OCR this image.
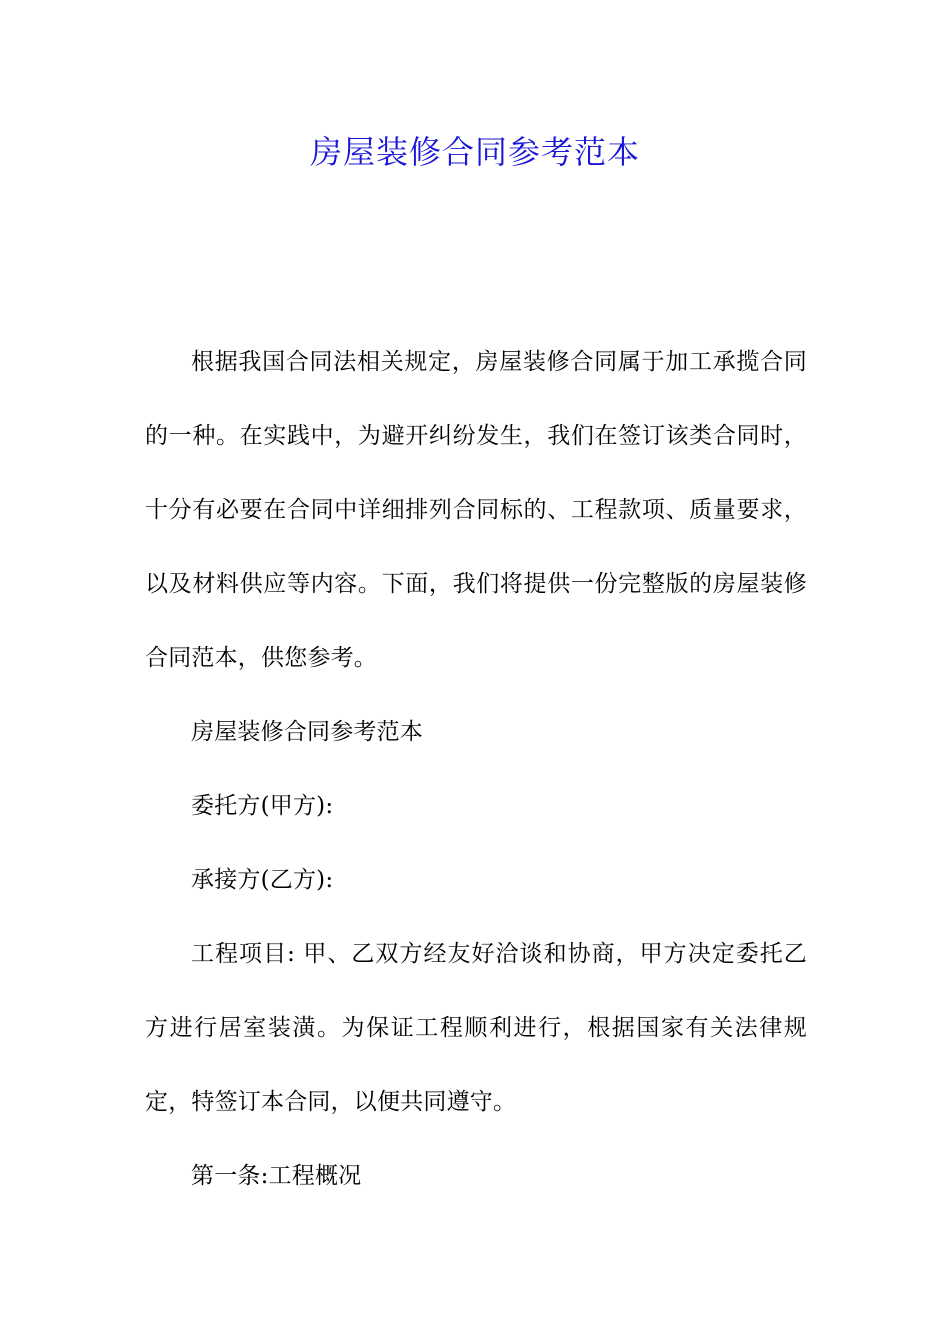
房屋装修合同参考范本

根据我国合同法相关规定，房屋装修合同属于加工承揽合同的一种。在实践中，为避开纠纷发生，我们在签订该类合同时，十分有必要在合同中详细排列合同标的、工程款项、质量要求，以及材料供应等内容。下面，我们将提供一份完整版的房屋装修合同范本，供您参考。

房屋装修合同参考范本

委托方(甲方):

承接方(乙方):

工程项目: 甲、乙双方经友好洽谈和协商，甲方决定委托乙方进行居室装潢。为保证工程顺利进行，根据国家有关法律规定，特签订本合同，以便共同遵守。

第一条:工程概况
